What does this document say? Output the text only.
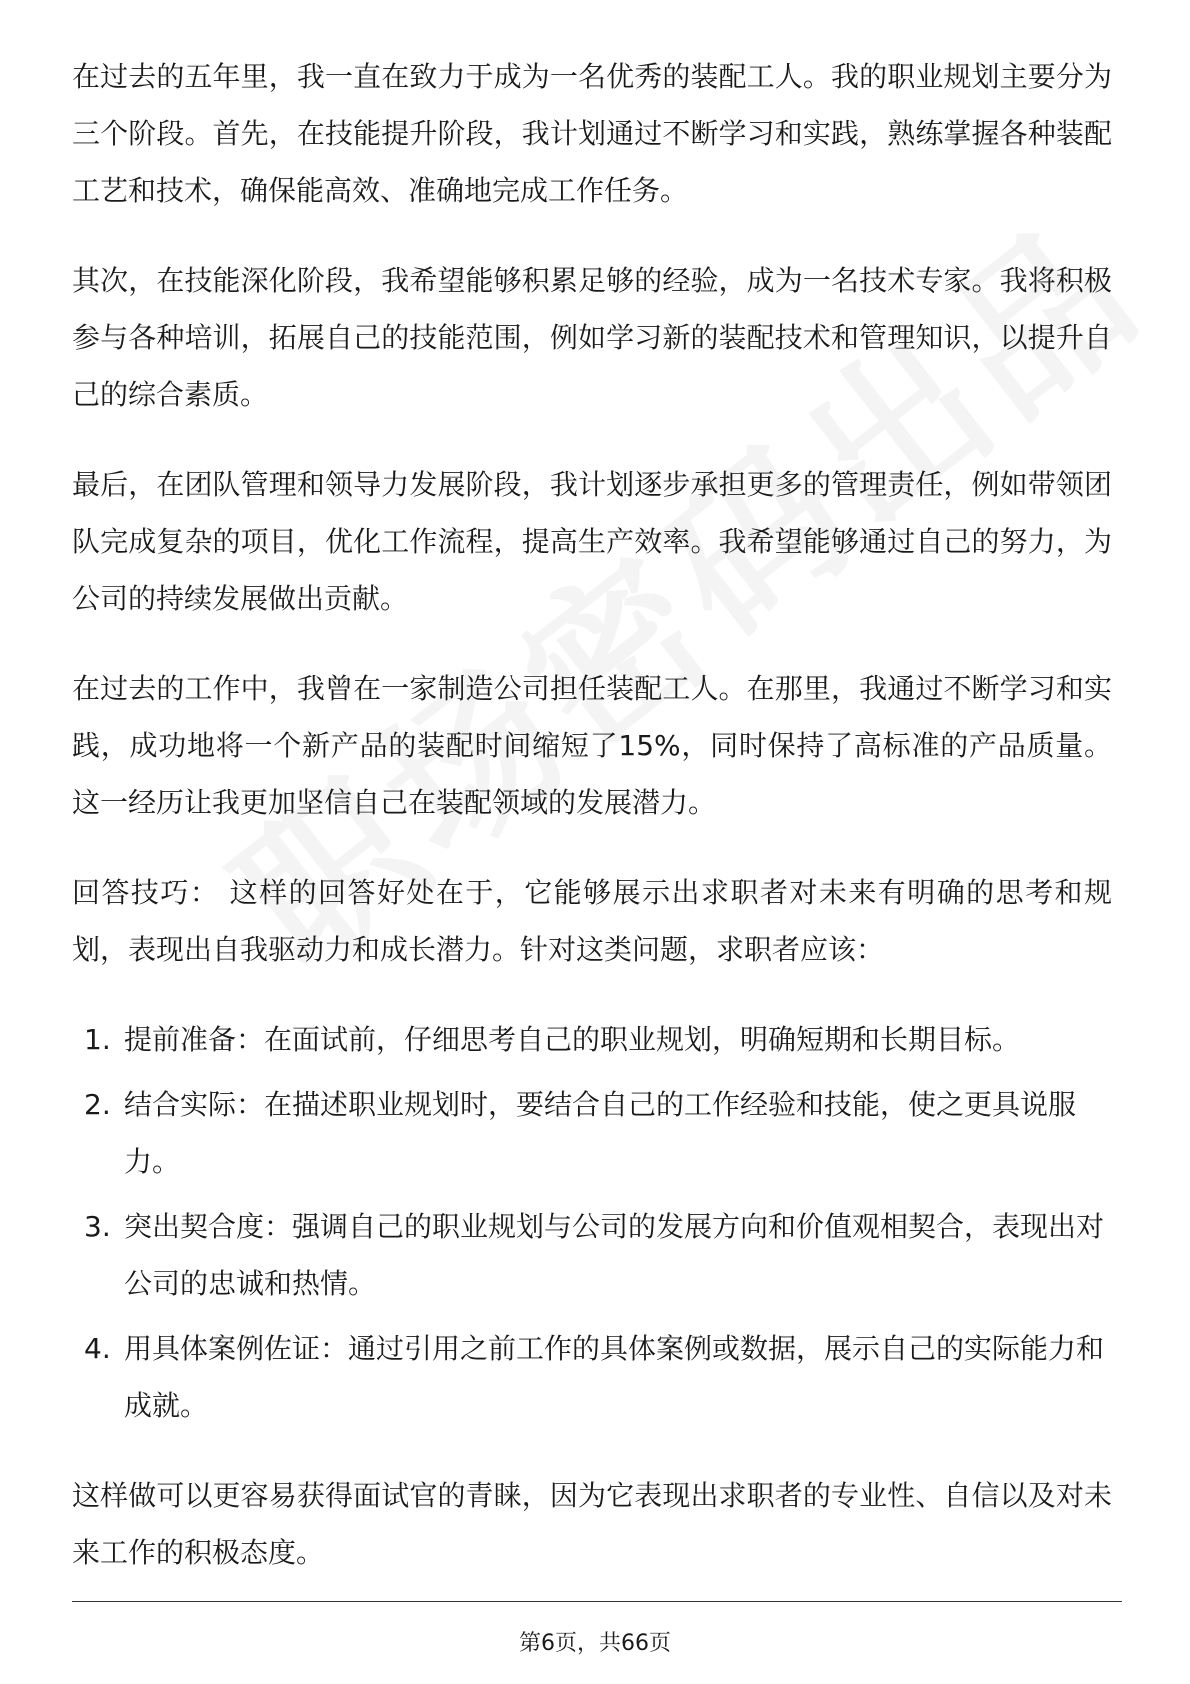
在过去的五年里，我一直在致力于成为一名优秀的装配工人。我的职业规划主要分为三个阶段。首先，在技能提升阶段，我计划通过不断学习和实践，熟练掌握各种装配工艺和技术，确保能高效、准确地完成工作任务。

其次，在技能深化阶段，我希望能够积累足够的经验，成为一名技术专家。我将积极参与各种培训，拓展自己的技能范围，例如学习新的装配技术和管理知识，以提升自己的综合素质。

最后，在团队管理和领导力发展阶段，我计划逐步承担更多的管理责任，例如带领团队完成复杂的项目，优化工作流程，提高生产效率。我希望能够通过自己的努力，为公司的持续发展做出贡献。

在过去的工作中，我曾在一家制造公司担任装配工人。在那里，我通过不断学习和实践，成功地将一个新产品的装配时间缩短了15%，同时保持了高标准的产品质量。这一经历让我更加坚信自己在装配领域的发展潜力。

回答技巧： 这样的回答好处在于，它能够展示出求职者对未来有明确的思考和规划，表现出自我驱动力和成长潜力。针对这类问题，求职者应该：

1. 提前准备：在面试前，仔细思考自己的职业规划，明确短期和长期目标。
2. 结合实际：在描述职业规划时，要结合自己的工作经验和技能，使之更具说服力。
3. 突出契合度：强调自己的职业规划与公司的发展方向和价值观相契合，表现出对公司的忠诚和热情。
4. 用具体案例佐证：通过引用之前工作的具体案例或数据，展示自己的实际能力和成就。

这样做可以更容易获得面试官的青睐，因为它表现出求职者的专业性、自信以及对未来工作的积极态度。

第6页，共66页
